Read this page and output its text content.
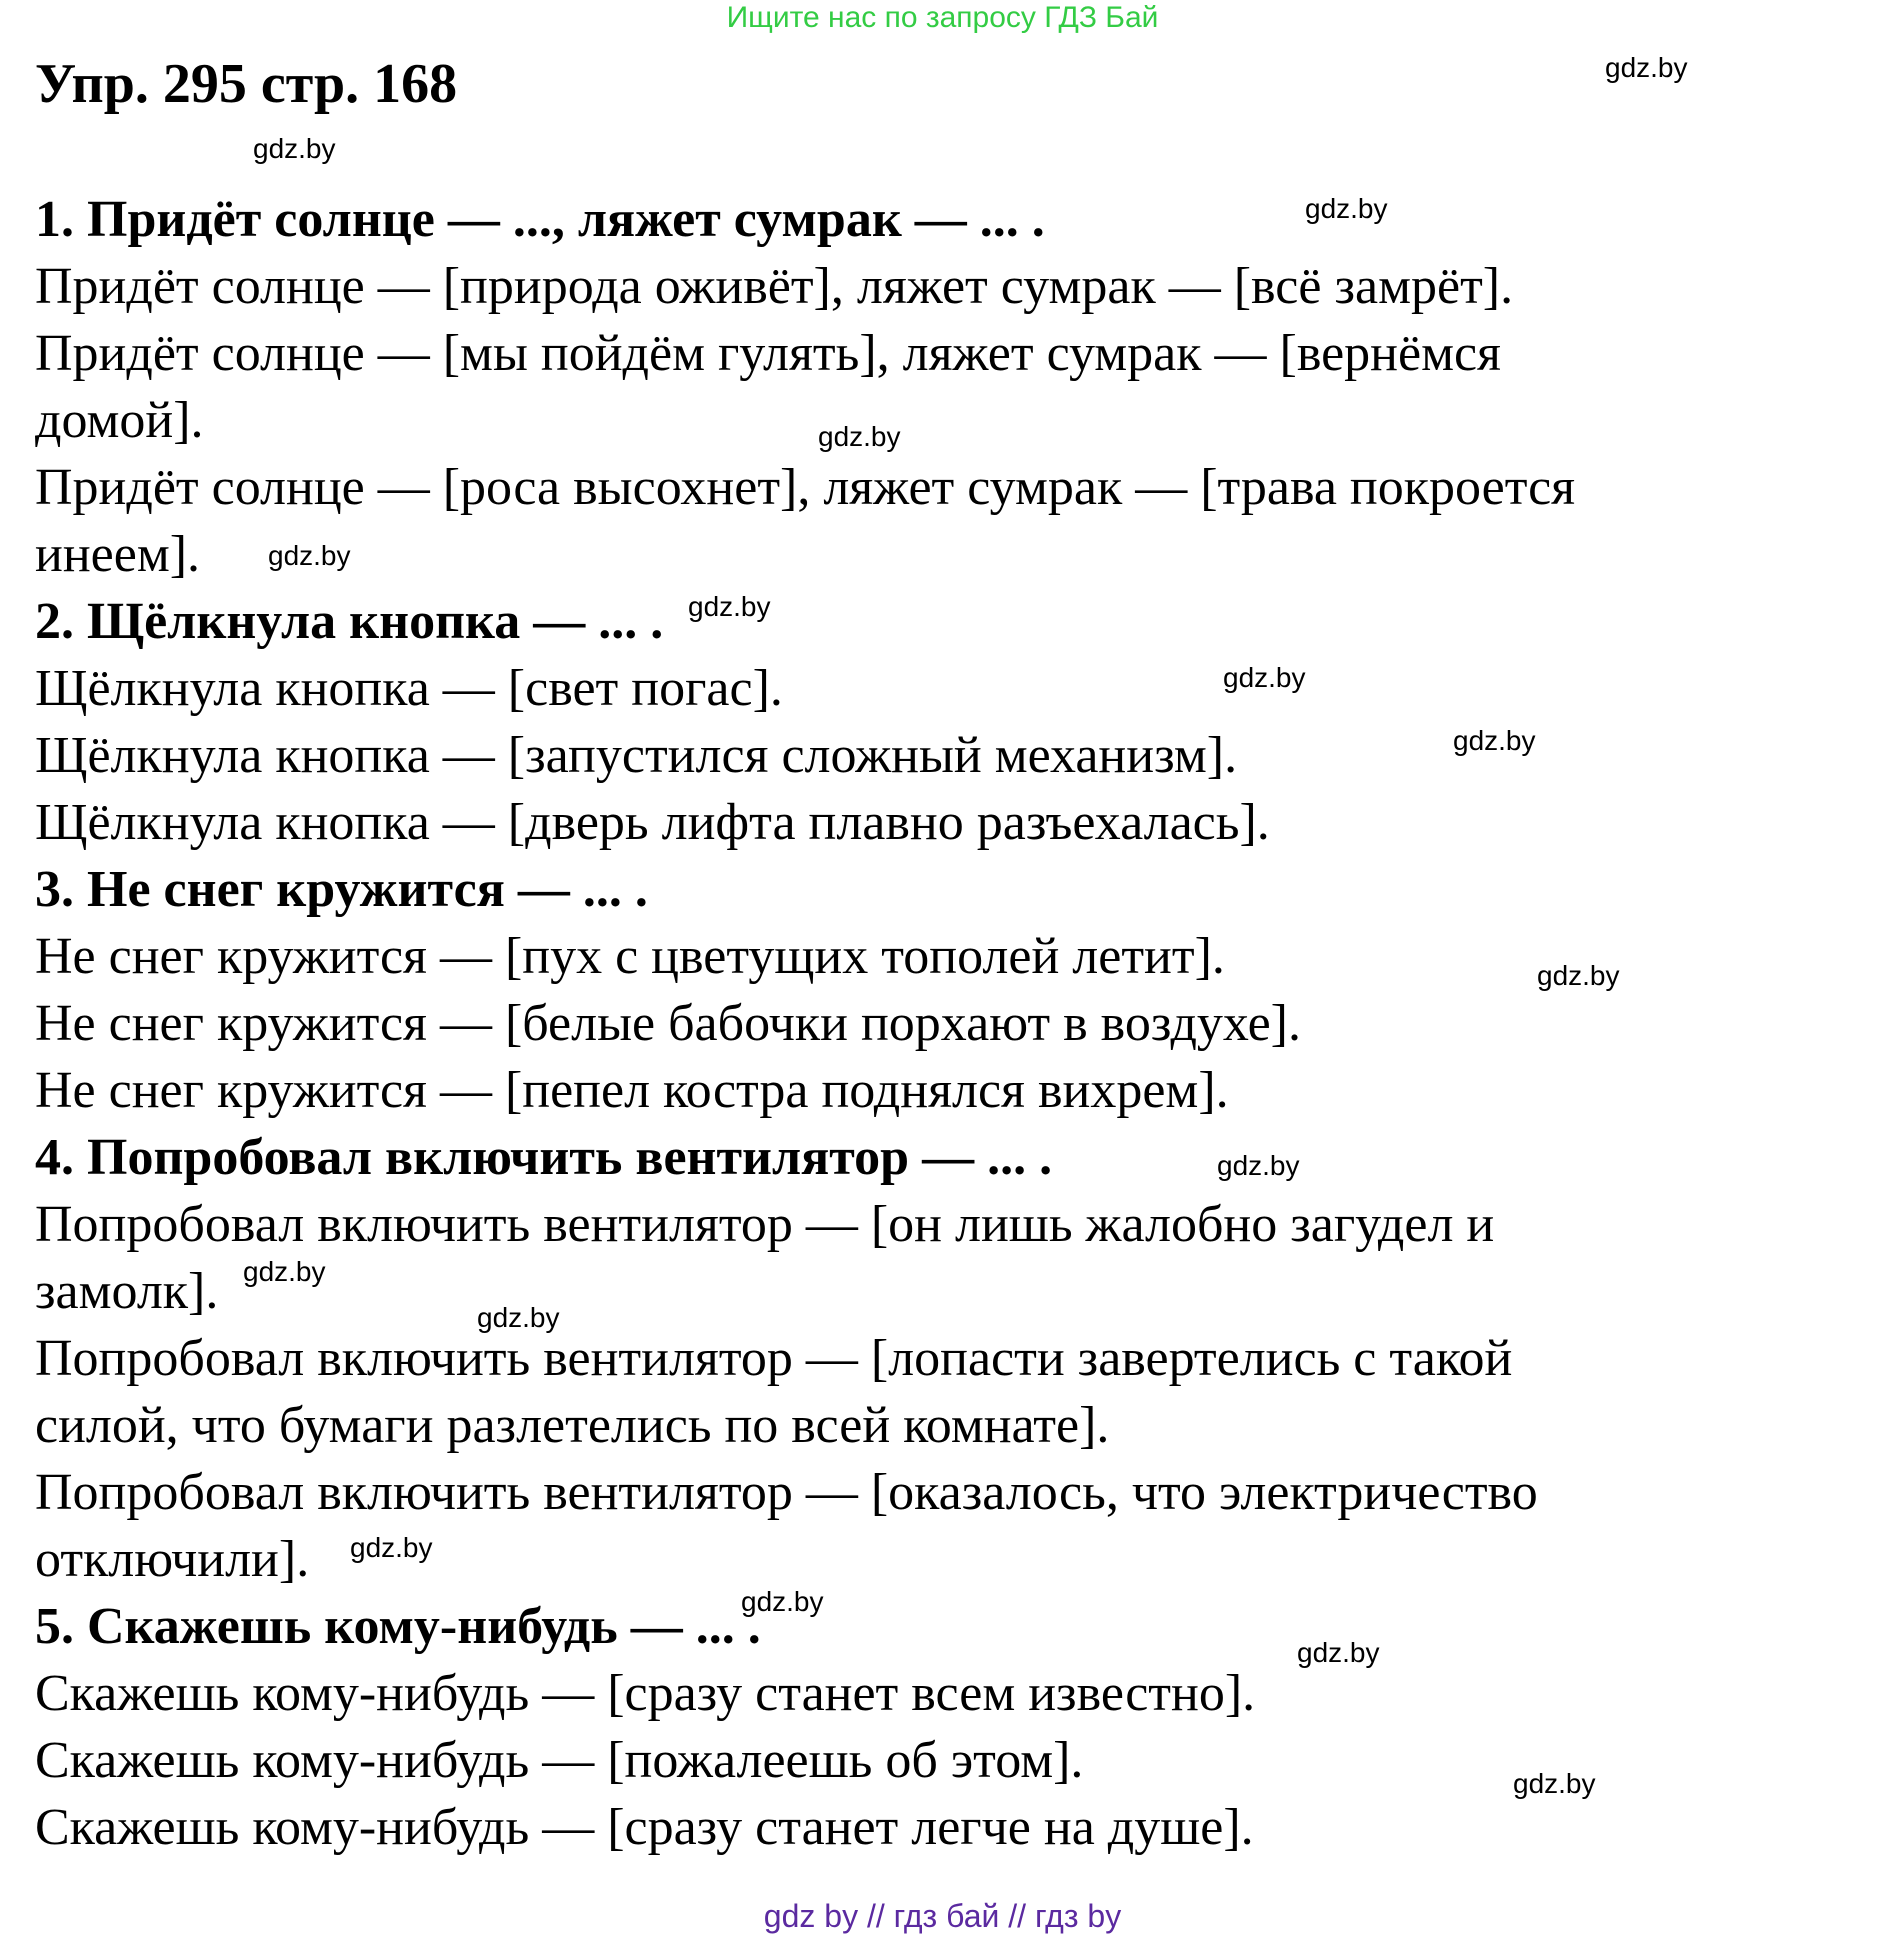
Ищите нас по запросу ГДЗ Бай
Упр. 295 стр. 168
1. Придёт солнце — ..., ляжет сумрак — ... .
Придёт солнце — [природа оживёт], ляжет сумрак — [всё замрёт].
Придёт солнце — [мы пойдём гулять], ляжет сумрак — [вернёмся
домой].
Придёт солнце — [роса высохнет], ляжет сумрак — [трава покроется
инеем].
2. Щёлкнула кнопка — ... .
Щёлкнула кнопка — [свет погас].
Щёлкнула кнопка — [запустился сложный механизм].
Щёлкнула кнопка — [дверь лифта плавно разъехалась].
3. Не снег кружится — ... .
Не снег кружится — [пух с цветущих тополей летит].
Не снег кружится — [белые бабочки порхают в воздухе].
Не снег кружится — [пепел костра поднялся вихрем].
4. Попробовал включить вентилятор — ... .
Попробовал включить вентилятор — [он лишь жалобно загудел и
замолк].
Попробовал включить вентилятор — [лопасти завертелись с такой
силой, что бумаги разлетелись по всей комнате].
Попробовал включить вентилятор — [оказалось, что электричество
отключили].
5. Скажешь кому-нибудь — ... .
Скажешь кому-нибудь — [сразу станет всем известно].
Скажешь кому-нибудь — [пожалеешь об этом].
Скажешь кому-нибудь — [сразу станет легче на душе].
gdz.by
gdz.by
gdz.by
gdz.by
gdz.by
gdz.by
gdz.by
gdz.by
gdz.by
gdz.by
gdz.by
gdz.by
gdz.by
gdz.by
gdz.by
gdz.by
gdz by // гдз бай // гдз by
